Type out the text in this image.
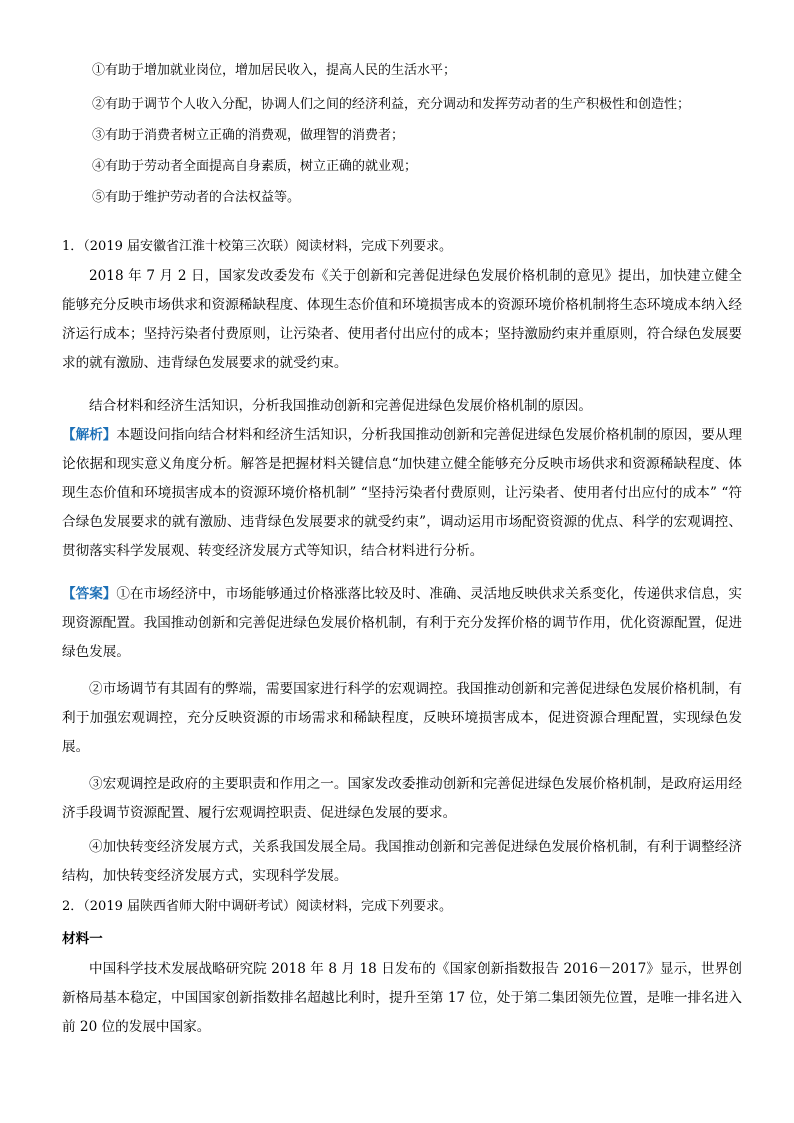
①有助于增加就业岗位，增加居民收入，提高人民的生活水平；
②有助于调节个人收入分配，协调人们之间的经济利益，充分调动和发挥劳动者的生产积极性和创造性；
③有助于消费者树立正确的消费观，做理智的消费者；
④有助于劳动者全面提高自身素质，树立正确的就业观；
⑤有助于维护劳动者的合法权益等。
1．（2019 届安徽省江淮十校第三次联）阅读材料，完成下列要求。

2018 年 7 月 2 日，国家发改委发布《关于创新和完善促进绿色发展价格机制的意见》提出，加快建立健全能够充分反映市场供求和资源稀缺程度、体现生态价值和环境损害成本的资源环境价格机制将生态环境成本纳入经济运行成本；坚持污染者付费原则，让污染者、使用者付出应付的成本；坚持激励约束并重原则，符合绿色发展要求的就有激励、违背绿色发展要求的就受约束。

结合材料和经济生活知识，分析我国推动创新和完善促进绿色发展价格机制的原因。

【解析】本题设问指向结合材料和经济生活知识，分析我国推动创新和完善促进绿色发展价格机制的原因，要从理论依据和现实意义角度分析。解答是把握材料关键信息“加快建立健全能够充分反映市场供求和资源稀缺程度、体现生态价值和环境损害成本的资源环境价格机制” “坚持污染者付费原则，让污染者、使用者付出应付的成本” “符合绿色发展要求的就有激励、违背绿色发展要求的就受约束”，调动运用市场配资资源的优点、科学的宏观调控、贯彻落实科学发展观、转变经济发展方式等知识，结合材料进行分析。

【答案】①在市场经济中，市场能够通过价格涨落比较及时、准确、灵活地反映供求关系变化，传递供求信息，实现资源配置。我国推动创新和完善促进绿色发展价格机制，有利于充分发挥价格的调节作用，优化资源配置，促进绿色发展。

②市场调节有其固有的弊端，需要国家进行科学的宏观调控。我国推动创新和完善促进绿色发展价格机制，有利于加强宏观调控，充分反映资源的市场需求和稀缺程度，反映环境损害成本，促进资源合理配置，实现绿色发展。

③宏观调控是政府的主要职责和作用之一。国家发改委推动创新和完善促进绿色发展价格机制，是政府运用经济手段调节资源配置、履行宏观调控职责、促进绿色发展的要求。

④加快转变经济发展方式，关系我国发展全局。我国推动创新和完善促进绿色发展价格机制，有利于调整经济结构，加快转变经济发展方式，实现科学发展。

2．（2019 届陕西省师大附中调研考试）阅读材料，完成下列要求。
材料一

中国科学技术发展战略研究院 2018 年 8 月 18 日发布的《国家创新指数报告 2016－2017》显示，世界创新格局基本稳定，中国国家创新指数排名超越比利时，提升至第 17 位，处于第二集团领先位置，是唯一排名进入前 20 位的发展中国家。
